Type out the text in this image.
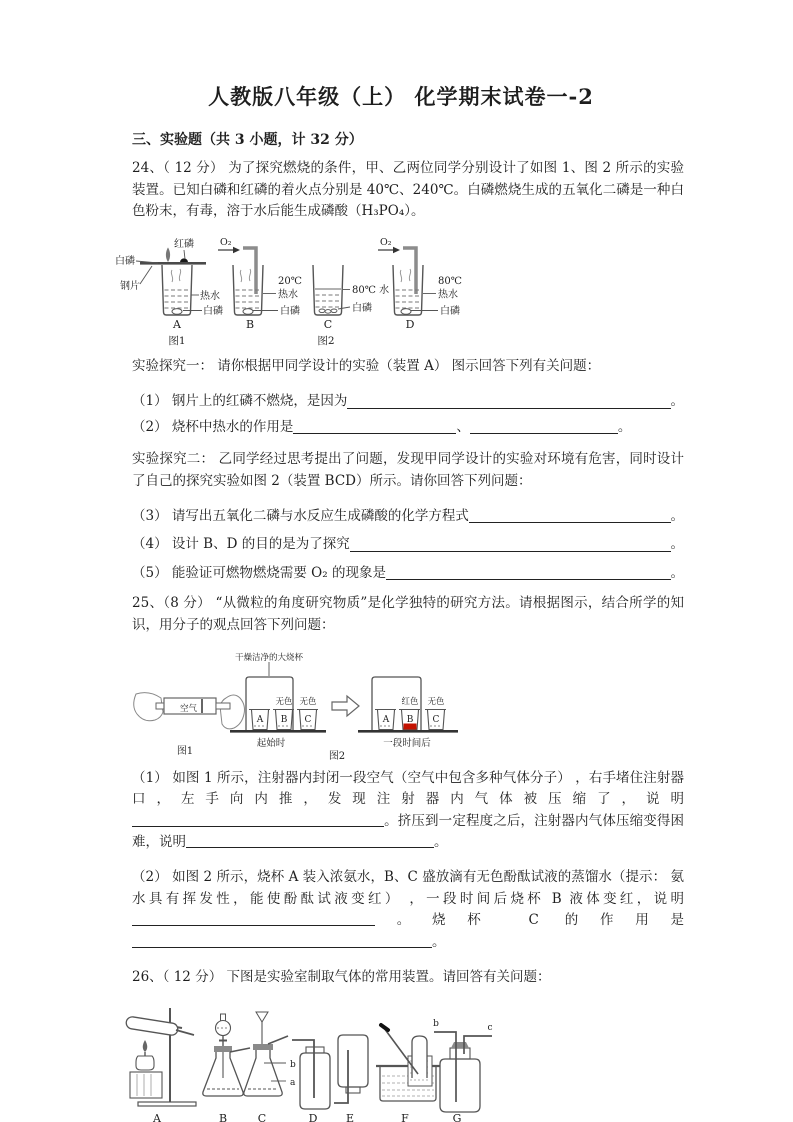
人教版八年级（上） 化学期末试卷一-2
三、实验题（共 3 小题，计 32 分）

24、（ 12 分） 为了探究燃烧的条件，甲、乙两位同学分别设计了如图 1、图 2 所示的实验装置。已知白磷和红磷的着火点分别是 40℃、240℃。白磷燃烧生成的五氧化二磷是一种白色粉末，有毒，溶于水后能生成磷酸（H₃PO₄）。

红磷
白磷
钢片
热水
白磷
A
图1
O₂
20℃
热水
白磷
B
80℃ 水
白磷
C
图2
O₂
80℃
热水
白磷
D

实验探究一： 请你根据甲同学设计的实验（装置 A） 图示回答下列有关问题：

（1） 钢片上的红磷不燃烧，是因为	。
（2） 烧杯中热水的作用是	、	。

实验探究二： 乙同学经过思考提出了问题，发现甲同学设计的实验对环境有危害，同时设计了自己的探究实验如图 2（装置 BCD）所示。请你回答下列问题：

（3） 请写出五氧化二磷与水反应生成磷酸的化学方程式	。
（4） 设计 B、D 的目的是为了探究	。
（5） 能验证可燃物燃烧需要 O₂ 的现象是	。

25、（8 分） “从微粒的角度研究物质”是化学独特的研究方法。请根据图示，结合所学的知识，用分子的观点回答下列问题：

空气
图1
干燥洁净的大烧杯
A B C
无色 无色
起始时
A B C
红色 无色
一段时间后
图2

（1） 如图 1 所示，注射器内封闭一段空气（空气中包含多种气体分子） ，右手堵住注射器口，左手向内推，发现注射器内气体被压缩了，说明。挤压到一定程度之后，注射器内气体压缩变得困难，说明	。

（2） 如图 2 所示，烧杯 A 装入浓氨水，B、C 盛放滴有无色酚酞试液的蒸馏水（提示： 氨水具有挥发性，能使酚酞试液变红） ，一段时间后烧杯 B 液体变红，说明。烧杯 C 的作用是。

26、（ 12 分） 下图是实验室制取气体的常用装置。请回答有关问题：

b
a
b	c
A	B	C	D	E	F	G
